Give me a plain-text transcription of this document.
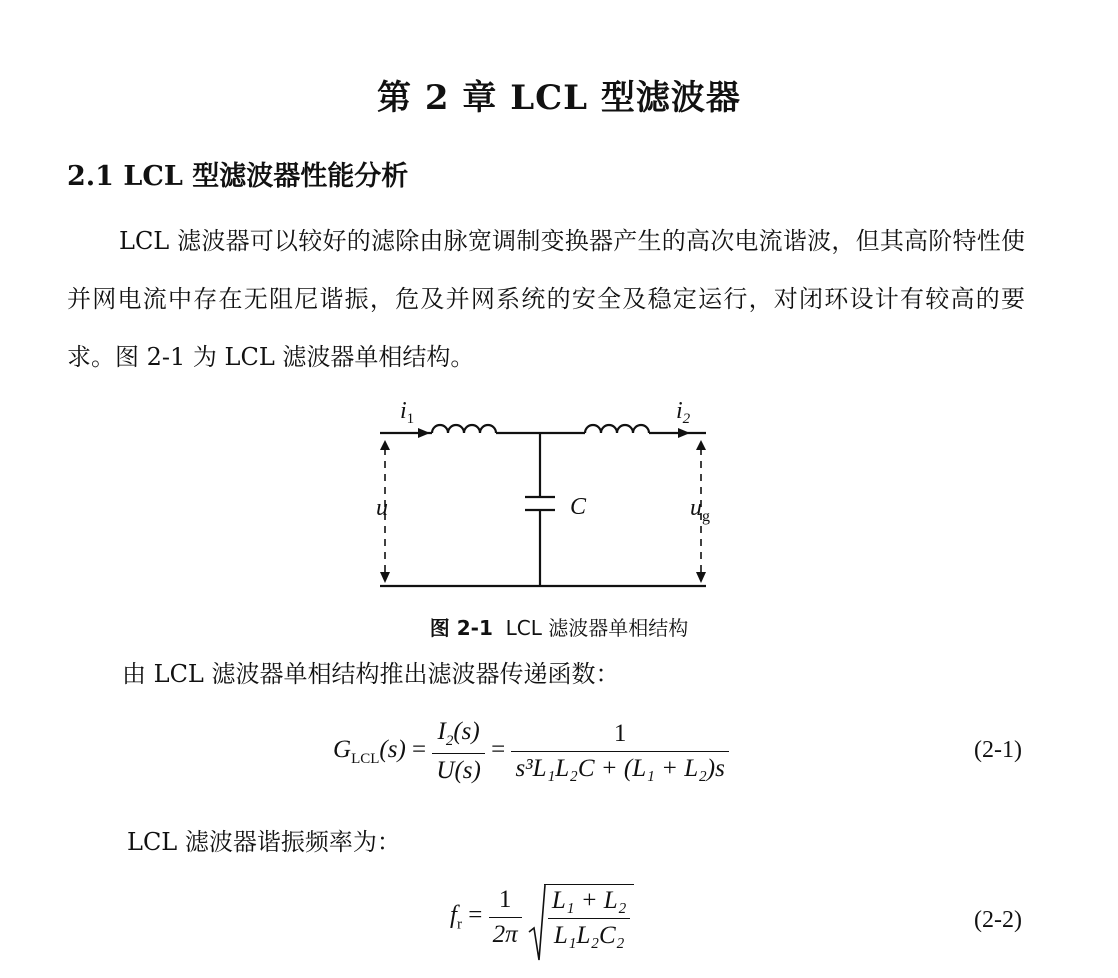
第 2 章 LCL 型滤波器
2.1 LCL 型滤波器性能分析
LCL 滤波器可以较好的滤除由脉宽调制变换器产生的高次电流谐波，但其高阶特性使并网电流中存在无阻尼谐振，危及并网系统的安全及稳定运行，对闭环设计有较高的要求。图 2-1 为 LCL 滤波器单相结构。
$i_1$	$i_2$
u	C	$u_g$
图 2-1 LCL 滤波器单相结构
由 LCL 滤波器单相结构推出滤波器传递函数：
$G_{LCL}(s) = \frac{I_2(s)}{U(s)} = \frac{1}{\text{s³L₁L₂C + (L₁ + L₂)s}}$	(2-1)
LCL 滤波器谐振频率为：
$f_r = \frac{1}{2\pi}$
$\frac{\text{L₁ + L₂}}{\text{L₁L₂C₂}}$	(2-2)
